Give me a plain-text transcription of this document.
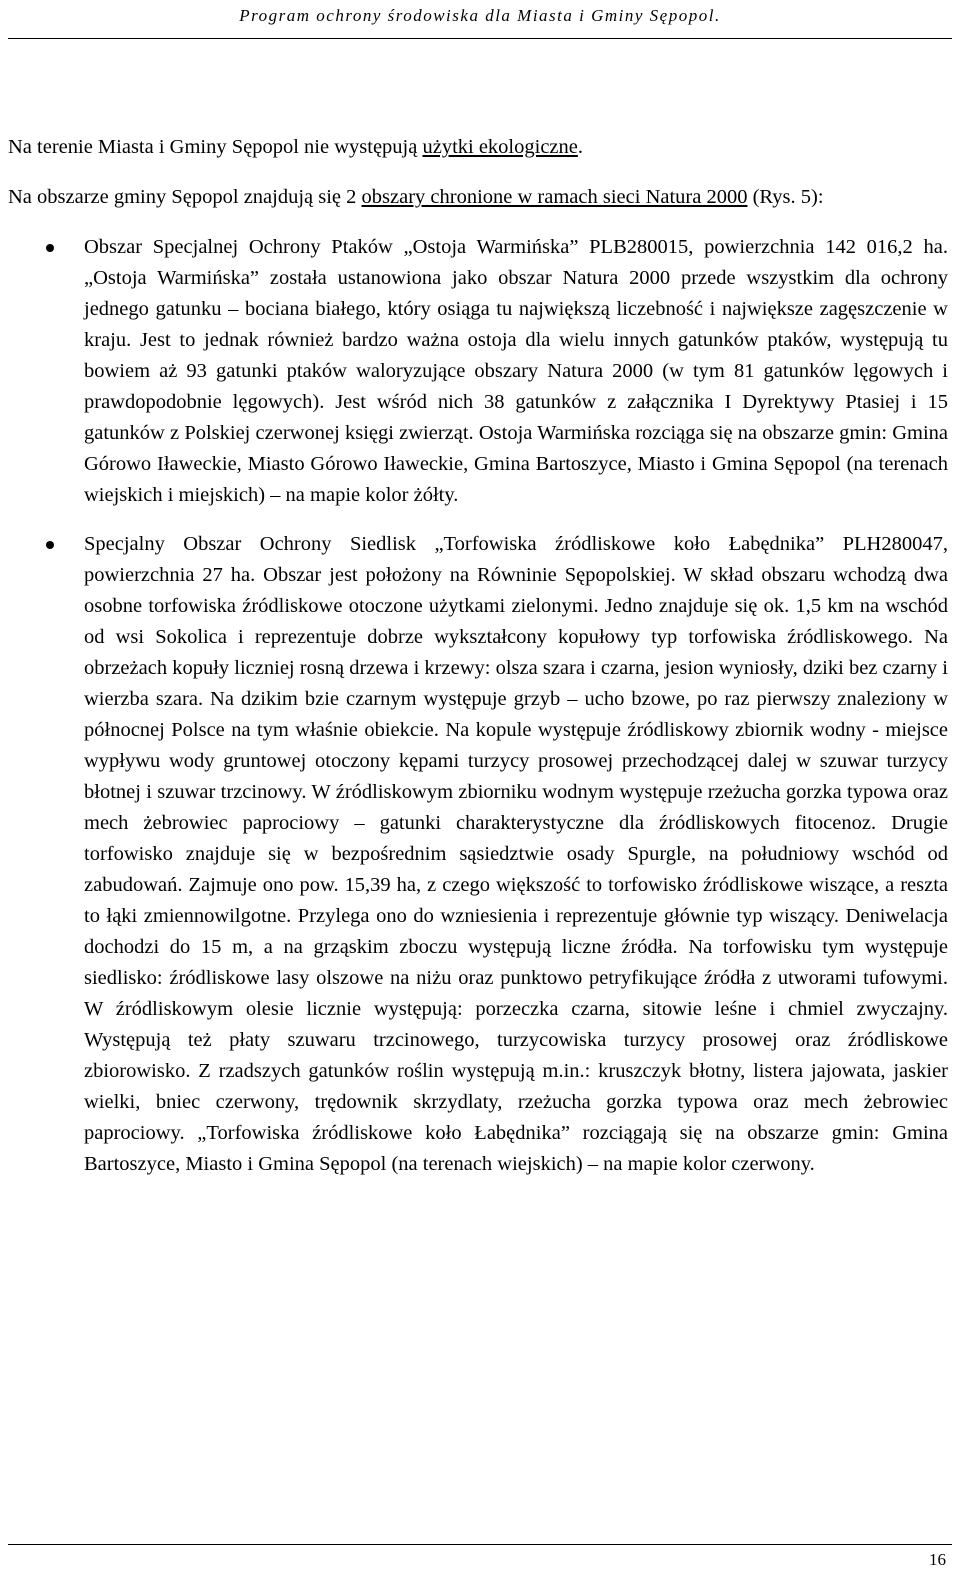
Program ochrony środowiska dla Miasta i Gminy Sępopol.

Na terenie Miasta i Gminy Sępopol nie występują użytki ekologiczne.

Na obszarze gminy Sępopol znajdują się 2 obszary chronione w ramach sieci Natura 2000 (Rys. 5):

Obszar Specjalnej Ochrony Ptaków „Ostoja Warmińska” PLB280015, powierzchnia 142 016,2 ha. „Ostoja Warmińska” została ustanowiona jako obszar Natura 2000 przede wszystkim dla ochrony jednego gatunku – bociana białego, który osiąga tu największą liczebność i największe zagęszczenie w kraju. Jest to jednak również bardzo ważna ostoja dla wielu innych gatunków ptaków, występują tu bowiem aż 93 gatunki ptaków waloryzujące obszary Natura 2000 (w tym 81 gatunków lęgowych i prawdopodobnie lęgowych). Jest wśród nich 38 gatunków z załącznika I Dyrektywy Ptasiej i 15 gatunków z Polskiej czerwonej księgi zwierząt. Ostoja Warmińska rozciąga się na obszarze gmin: Gmina Górowo Iławeckie, Miasto Górowo Iławeckie, Gmina Bartoszyce, Miasto i Gmina Sępopol (na terenach wiejskich i miejskich) – na mapie kolor żółty.
Specjalny Obszar Ochrony Siedlisk „Torfowiska źródliskowe koło Łabędnika” PLH280047, powierzchnia 27 ha. Obszar jest położony na Równinie Sępopolskiej. W skład obszaru wchodzą dwa osobne torfowiska źródliskowe otoczone użytkami zielonymi. Jedno znajduje się ok. 1,5 km na wschód od wsi Sokolica i reprezentuje dobrze wykształcony kopułowy typ torfowiska źródliskowego. Na obrzeżach kopuły liczniej rosną drzewa i krzewy: olsza szara i czarna, jesion wyniosły, dziki bez czarny i wierzba szara. Na dzikim bzie czarnym występuje grzyb – ucho bzowe, po raz pierwszy znaleziony w północnej Polsce na tym właśnie obiekcie. Na kopule występuje źródliskowy zbiornik wodny - miejsce wypływu wody gruntowej otoczony kępami turzycy prosowej przechodzącej dalej w szuwar turzycy błotnej i szuwar trzcinowy. W źródliskowym zbiorniku wodnym występuje rzeżucha gorzka typowa oraz mech żebrowiec paprociowy – gatunki charakterystyczne dla źródliskowych fitocenoz. Drugie torfowisko znajduje się w bezpośrednim sąsiedztwie osady Spurgle, na południowy wschód od zabudowań. Zajmuje ono pow. 15,39 ha, z czego większość to torfowisko źródliskowe wiszące, a reszta to łąki zmiennowilgotne. Przylega ono do wzniesienia i reprezentuje głównie typ wiszący. Deniwelacja dochodzi do 15 m, a na grząskim zboczu występują liczne źródła. Na torfowisku tym występuje siedlisko: źródliskowe lasy olszowe na niżu oraz punktowo petryfikujące źródła z utworami tufowymi. W źródliskowym olesie licznie występują: porzeczka czarna, sitowie leśne i chmiel zwyczajny. Występują też płaty szuwaru trzcinowego, turzycowiska turzycy prosowej oraz źródliskowe zbiorowisko. Z rzadszych gatunków roślin występują m.in.: kruszczyk błotny, listera jajowata, jaskier wielki, bniec czerwony, trędownik skrzydlaty, rzeżucha gorzka typowa oraz mech żebrowiec paprociowy. „Torfowiska źródliskowe koło Łabędnika” rozciągają się na obszarze gmin: Gmina Bartoszyce, Miasto i Gmina Sępopol (na terenach wiejskich) – na mapie kolor czerwony.
16
